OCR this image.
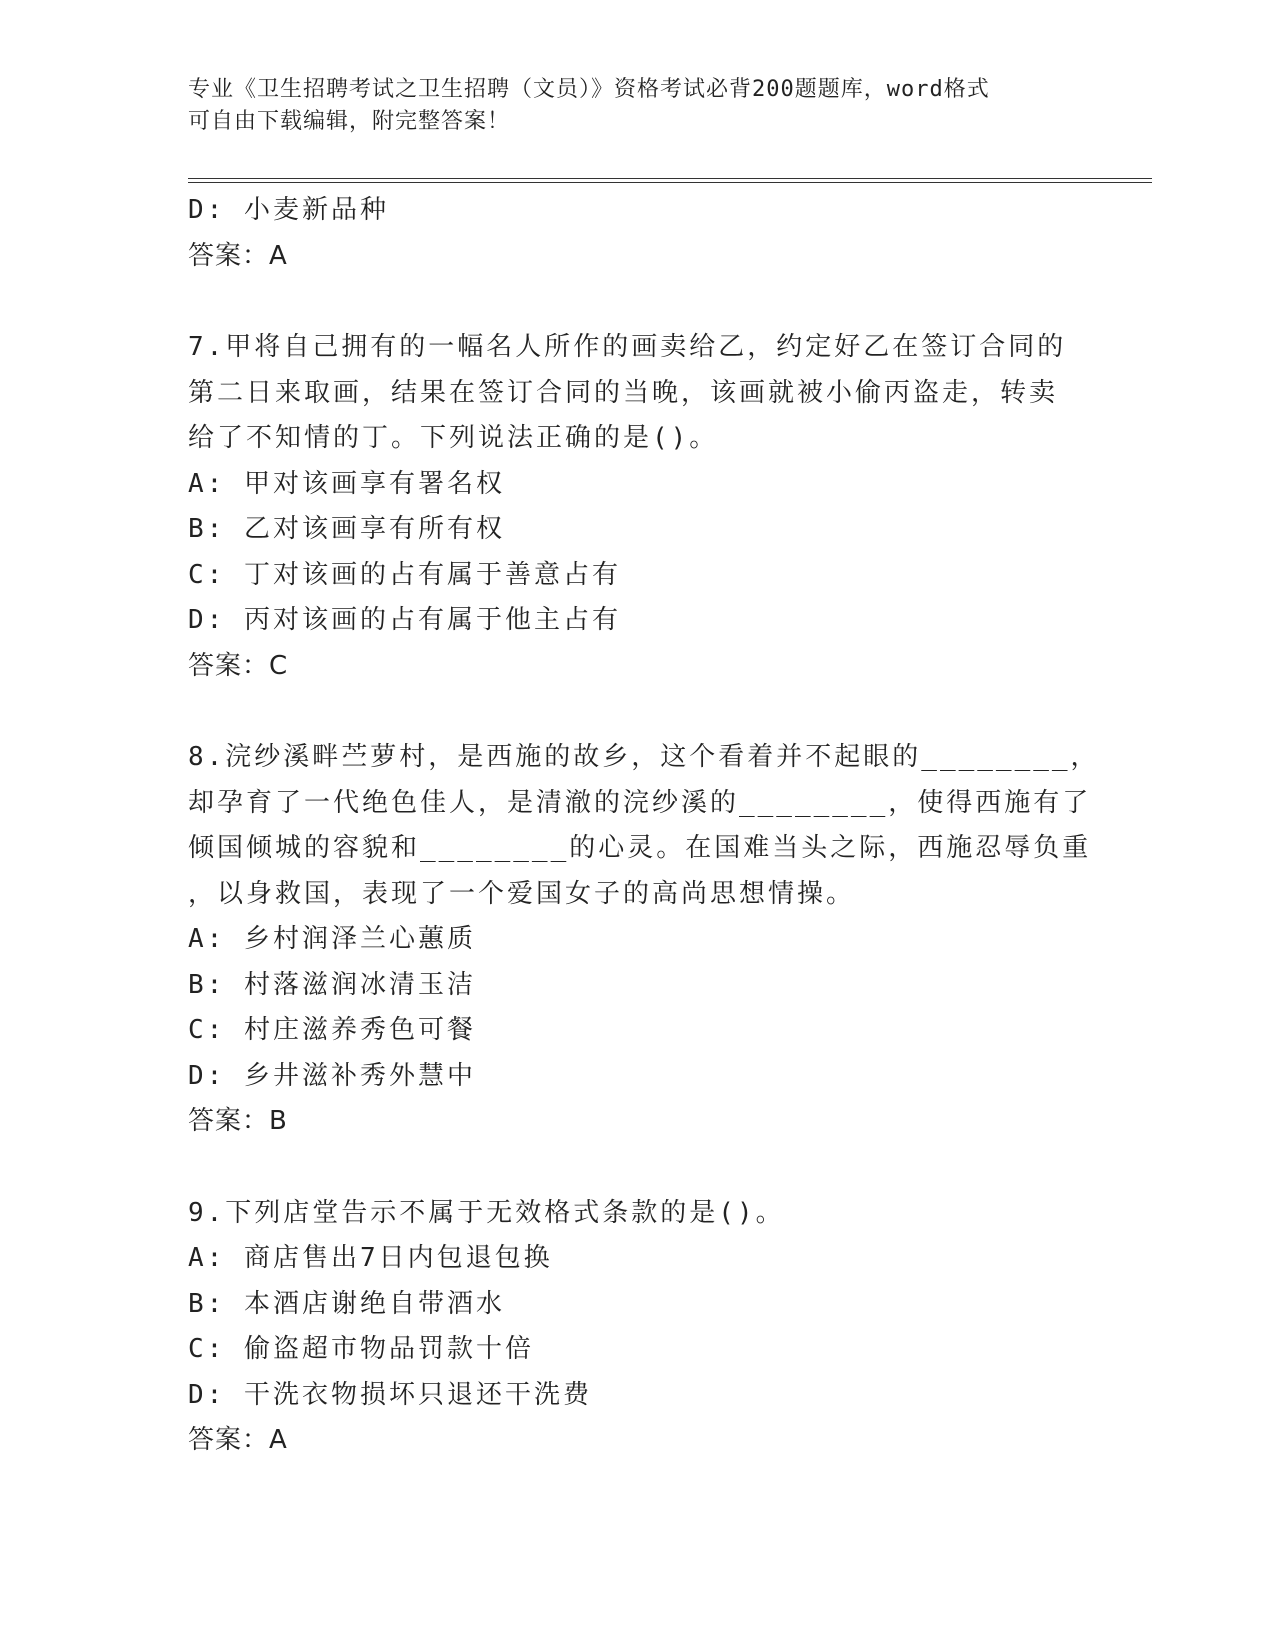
专业《卫生招聘考试之卫生招聘（文员）》资格考试必背200题题库，word格式
可自由下载编辑，附完整答案！
D: 小麦新品种
答案：A
7.甲将自己拥有的一幅名人所作的画卖给乙，约定好乙在签订合同的
第二日来取画，结果在签订合同的当晚，该画就被小偷丙盗走，转卖
给了不知情的丁。下列说法正确的是()。
A: 甲对该画享有署名权
B: 乙对该画享有所有权
C: 丁对该画的占有属于善意占有
D: 丙对该画的占有属于他主占有
答案：C
8.浣纱溪畔苎萝村，是西施的故乡，这个看着并不起眼的________，
却孕育了一代绝色佳人，是清澈的浣纱溪的________，使得西施有了
倾国倾城的容貌和________的心灵。在国难当头之际，西施忍辱负重
，以身救国，表现了一个爱国女子的高尚思想情操。
A: 乡村润泽兰心蕙质
B: 村落滋润冰清玉洁
C: 村庄滋养秀色可餐
D: 乡井滋补秀外慧中
答案：B
9.下列店堂告示不属于无效格式条款的是()。
A: 商店售出7日内包退包换
B: 本酒店谢绝自带酒水
C: 偷盗超市物品罚款十倍
D: 干洗衣物损坏只退还干洗费
答案：A
